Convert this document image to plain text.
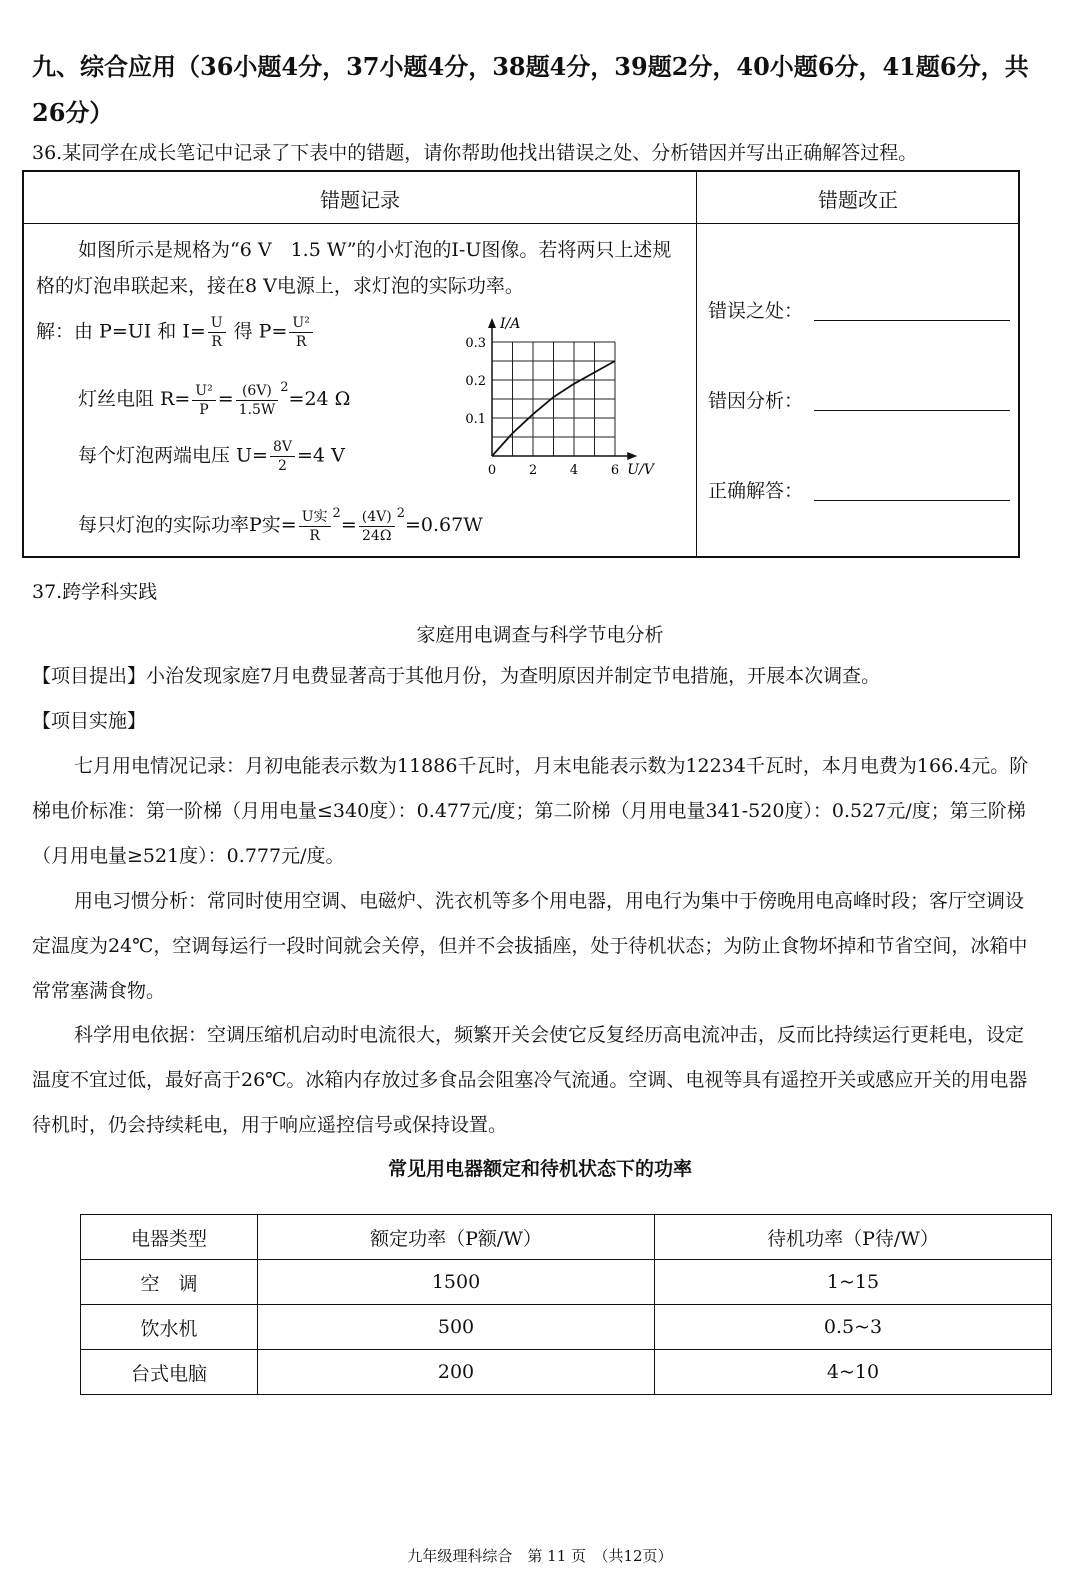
九、综合应用（36小题4分，37小题4分，38题4分，39题2分，40小题6分，41题6分，共26分）
36.某同学在成长笔记中记录了下表中的错题，请你帮助他找出错误之处、分析错因并写出正确解答过程。
错题记录	错题改正
如图所示是规格为“6 V　1.5 W”的小灯泡的I-U图像。若将两只上述规格的灯泡串联起来，接在8 V电源上，求灯泡的实际功率。
解：由 P=UI 和 $I= \frac{U}{R}$ 得 $P= \frac{\text{U²}}{R}$
灯丝电阻 $R= \frac{\text{U²}}{P} = \frac{(6V)}{1.5W} ^2=24$ Ω
每个灯泡两端电压 $U= \frac{8V}{2} =4$ V
每只灯泡的实际功率P实= $\frac{\text{U实}}{R} ^2= \frac{(4V)}{24\Omega} ^2=0.67W$
0	2	4	6
0.1
0.2
0.3
I/A
U/V
错误之处：
错因分析：
正确解答：
37.跨学科实践
家庭用电调查与科学节电分析
【项目提出】小治发现家庭7月电费显著高于其他月份，为查明原因并制定节电措施，开展本次调查。
【项目实施】
七月用电情况记录：月初电能表示数为11886千瓦时，月末电能表示数为12234千瓦时，本月电费为166.4元。阶梯电价标准：第一阶梯（月用电量≤340度）：0.477元/度；第二阶梯（月用电量341-520度）：0.527元/度；第三阶梯（月用电量≥521度）：0.777元/度。
用电习惯分析：常同时使用空调、电磁炉、洗衣机等多个用电器，用电行为集中于傍晚用电高峰时段；客厅空调设定温度为24℃，空调每运行一段时间就会关停，但并不会拔插座，处于待机状态；为防止食物坏掉和节省空间，冰箱中常常塞满食物。
科学用电依据：空调压缩机启动时电流很大，频繁开关会使它反复经历高电流冲击，反而比持续运行更耗电，设定温度不宜过低，最好高于26℃。冰箱内存放过多食品会阻塞冷气流通。空调、电视等具有遥控开关或感应开关的用电器待机时，仍会持续耗电，用于响应遥控信号或保持设置。
常见用电器额定和待机状态下的功率
电器类型	额定功率（P额/W）	待机功率（P待/W）
空　调	1500	1~15
饮水机	500	0.5~3
台式电脑	200	4~10
九年级理科综合　第 11 页　（共12页）
